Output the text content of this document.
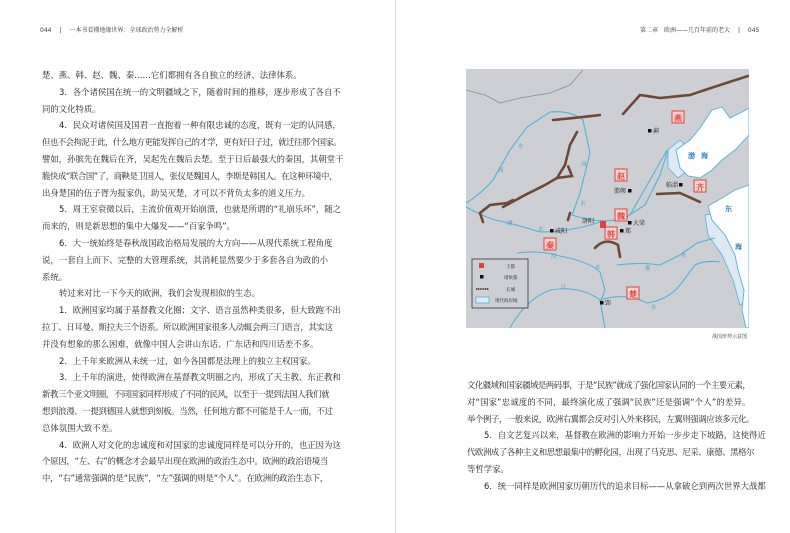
044 | 一本书看懂地缘世界：全球政治势力全解析
楚、燕、韩、赵、魏、秦……它们都拥有各自独立的经济、法律体系。
3．各个诸侯国在统一的文明疆域之下，随着时间的推移，逐步形成了各自不
同的文化特质。
4．民众对诸侯国及国君一直抱着一种有限忠诚的态度，既有一定的认同感，
但也不会拘泥于此，什么地方更能发挥自己的才学，更有好日子过，就迁往那个国家。
譬如，孙膑先在魏后在齐，吴起先在魏后去楚。至于日后最强大的秦国，其朝堂干
脆快成“联合国”了，商鞅是卫国人，张仪是魏国人，李斯是韩国人。在这种环境中，
出身楚国的伍子胥为报家仇，助吴灭楚，才可以不背负太多的道义压力。
5．周王室衰微以后，主流价值观开始崩溃，也就是所谓的“礼崩乐坏”，随之
而来的，则是新思想的集中大爆发——“百家争鸣”。
6．大一统始终是春秋战国政治格局发展的大方向——从现代系统工程角度
说，一套自上而下、完整的大管理系统，其消耗显然要少于多套各自为政的小
系统。
转过来对比一下今天的欧洲，我们会发现相似的生态。
1．欧洲国家均属于基督教文化圈；文字、语言虽然种类很多，但大致跑不出
拉丁、日耳曼、斯拉夫三个语系。所以欧洲国家很多人动辄会两三门语言，其实这
并没有想象的那么困难，就像中国人会讲山东话、广东话和四川话差不多。
2．上千年来欧洲从未统一过，如今各国都是法理上的独立主权国家。
3．上千年的演进，使得欧洲在基督教文明圈之内，形成了天主教、东正教和
新教三个亚文明圈，不同国家同样形成了不同的民风，以至于一提到法国人我们就
想到浪漫、一提到德国人就想到刻板。当然，任何地方都不可能是千人一面，不过
总体氛围大致不差。
4．欧洲人对文化的忠诚度和对国家的忠诚度同样是可以分开的，也正因为这
个原因，“左、右”的概念才会最早出现在欧洲的政治生态中。欧洲的政治语境当
中，“右”通常强调的是“民族”，“左”强调的则是“个人”。在欧洲的政治生态下，
第二章　欧洲——几百年前的老大 | 045
燕
赵
齐
魏
韩
秦
楚
洛阳
蓟
邯郸
临淄
大梁
郑
咸阳
郢
渤 海
东
海
水
河
河
水
渭
水
汉
水	淮
水
江
水
王都
诸侯都
长城
现代海岸线
战国形势示意图
文化疆域和国家疆域是两码事，于是“民族”就成了强化国家认同的一个主要元素，
对“国家”忠诚度的不同，最终演化成了强调“民族”还是强调“个人”的差异。
举个例子，一般来说，欧洲右翼都会反对引入外来移民，左翼则强调应该多元化。
5．自文艺复兴以来，基督教在欧洲的影响力开始一步步走下坡路，这使得近
代欧洲成了各种主义和思想最集中的孵化园，出现了马克思、尼采、康德、黑格尔
等哲学家。
6．统一同样是欧洲国家历朝历代的追求目标——从拿破仑到两次世界大战都
